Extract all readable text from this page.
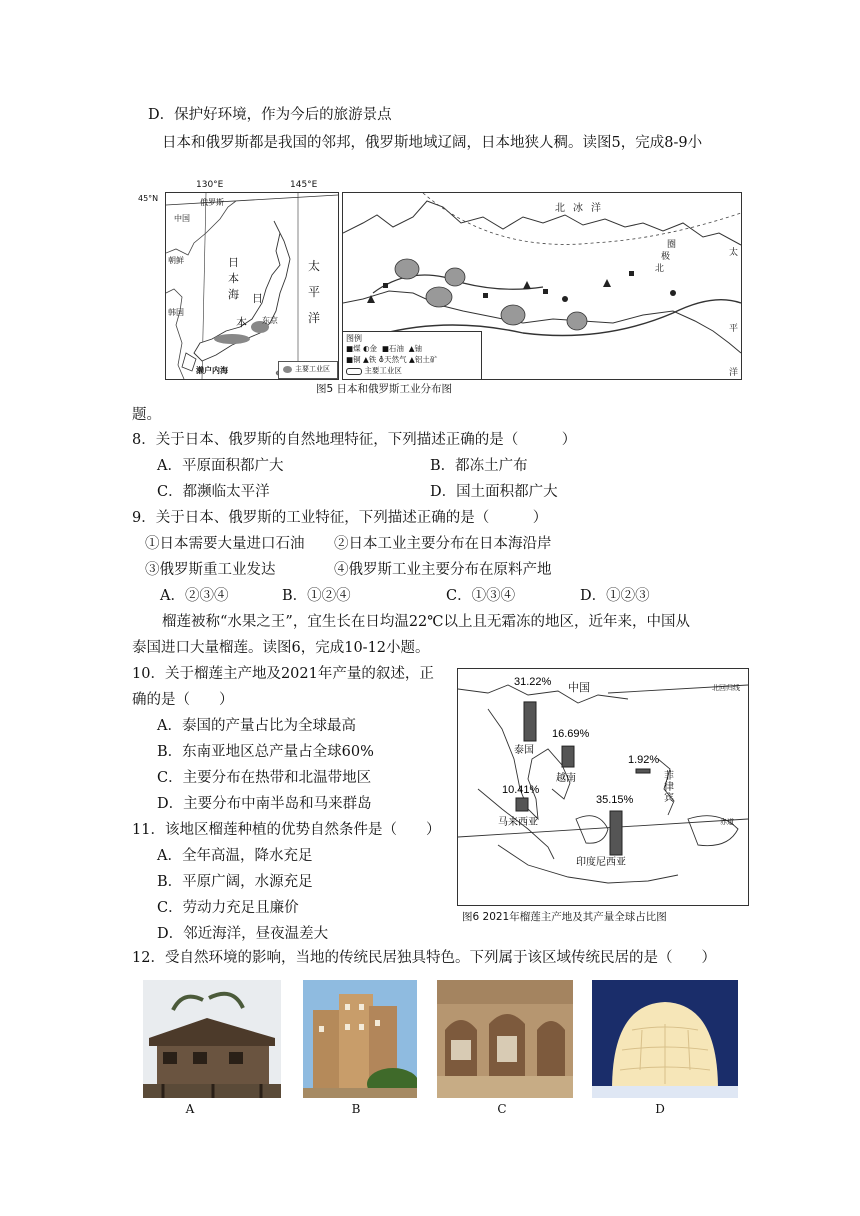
D．保护好环境，作为今后的旅游景点
日本和俄罗斯都是我国的邻邦，俄罗斯地域辽阔，日本地狭人稠。读图5，完成8-9小
45°N
130°E	145°E
俄罗斯
中国
朝鲜
韩国
日
本
海 日
本
太
平
洋
东京
濑户内海	主要工业区
北冰洋
圈
极
北
太
平
洋
图例
■煤 ◐金 ■石油 ▲铀
■铜 ▲铁 ⛢天然气 ▲铝土矿
主要工业区
图5 日本和俄罗斯工业分布图
题。
8．关于日本、俄罗斯的自然地理特征，下列描述正确的是（　　　）
A．平原面积都广大	B．都冻土广布
C．都濒临太平洋	D．国土面积都广大
9．关于日本、俄罗斯的工业特征，下列描述正确的是（　　　）
①日本需要大量进口石油 ②日本工业主要分布在日本海沿岸
③俄罗斯重工业发达	④俄罗斯工业主要分布在原料产地
A．②③④	B．①②④	C．①③④	D．①②③
榴莲被称“水果之王”，宜生长在日均温22℃以上且无霜冻的地区，近年来，中国从
泰国进口大量榴莲。读图6，完成10-12小题。
10．关于榴莲主产地及2021年产量的叙述，正
确的是（　　）
A．泰国的产量占比为全球最高
B．东南亚地区总产量占全球60%
C．主要分布在热带和北温带地区
D．主要分布中南半岛和马来群岛
11．该地区榴莲种植的优势自然条件是（　　）
A．全年高温，降水充足
B．平原广阔，水源充足
C．劳动力充足且廉价
D．邻近海洋，昼夜温差大
31.22%
泰国
16.69%
越南
1.92%
菲律宾
10.41%
马来西亚
35.15%
印度尼西亚
中国	北回归线
赤道
图6 2021年榴莲主产地及其产量全球占比图
12．受自然环境的影响，当地的传统民居独具特色。下列属于该区域传统民居的是（　　）
A	B	C	D
